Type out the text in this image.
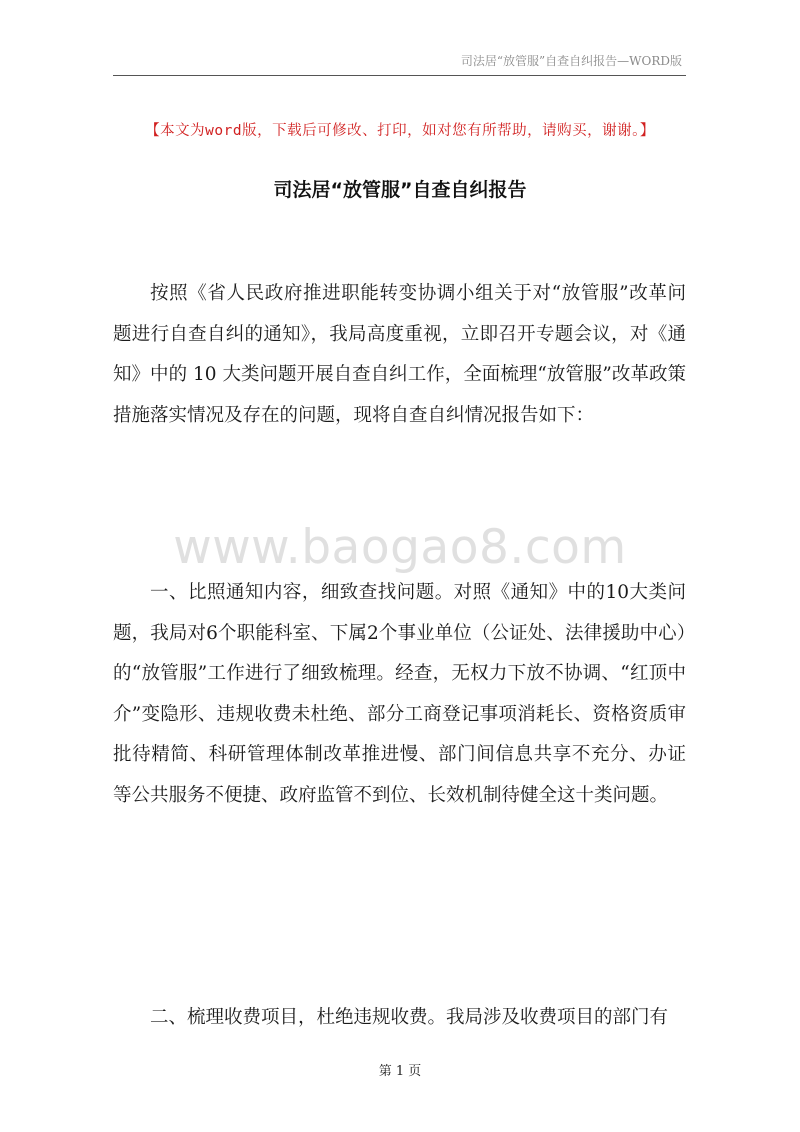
司法居“放管服”自查自纠报告—WORD版
【本文为word版，下载后可修改、打印，如对您有所帮助，请购买，谢谢。】
司法居“放管服”自查自纠报告

按照《省人民政府推进职能转变协调小组关于对“放管服”改革问题进行自查自纠的通知》，我局高度重视，立即召开专题会议，对《通知》中的 10 大类问题开展自查自纠工作，全面梳理“放管服”改革政策措施落实情况及存在的问题，现将自查自纠情况报告如下：

www.baogao8.com

一、比照通知内容，细致查找问题。对照《通知》中的10大类问题，我局对6个职能科室、下属2个事业单位（公证处、法律援助中心）的“放管服”工作进行了细致梳理。经查，无权力下放不协调、“红顶中介”变隐形、违规收费未杜绝、部分工商登记事项消耗长、资格资质审批待精简、科研管理体制改革推进慢、部门间信息共享不充分、办证等公共服务不便捷、政府监管不到位、长效机制待健全这十类问题。

二、梳理收费项目，杜绝违规收费。我局涉及收费项目的部门有

第 1 页
